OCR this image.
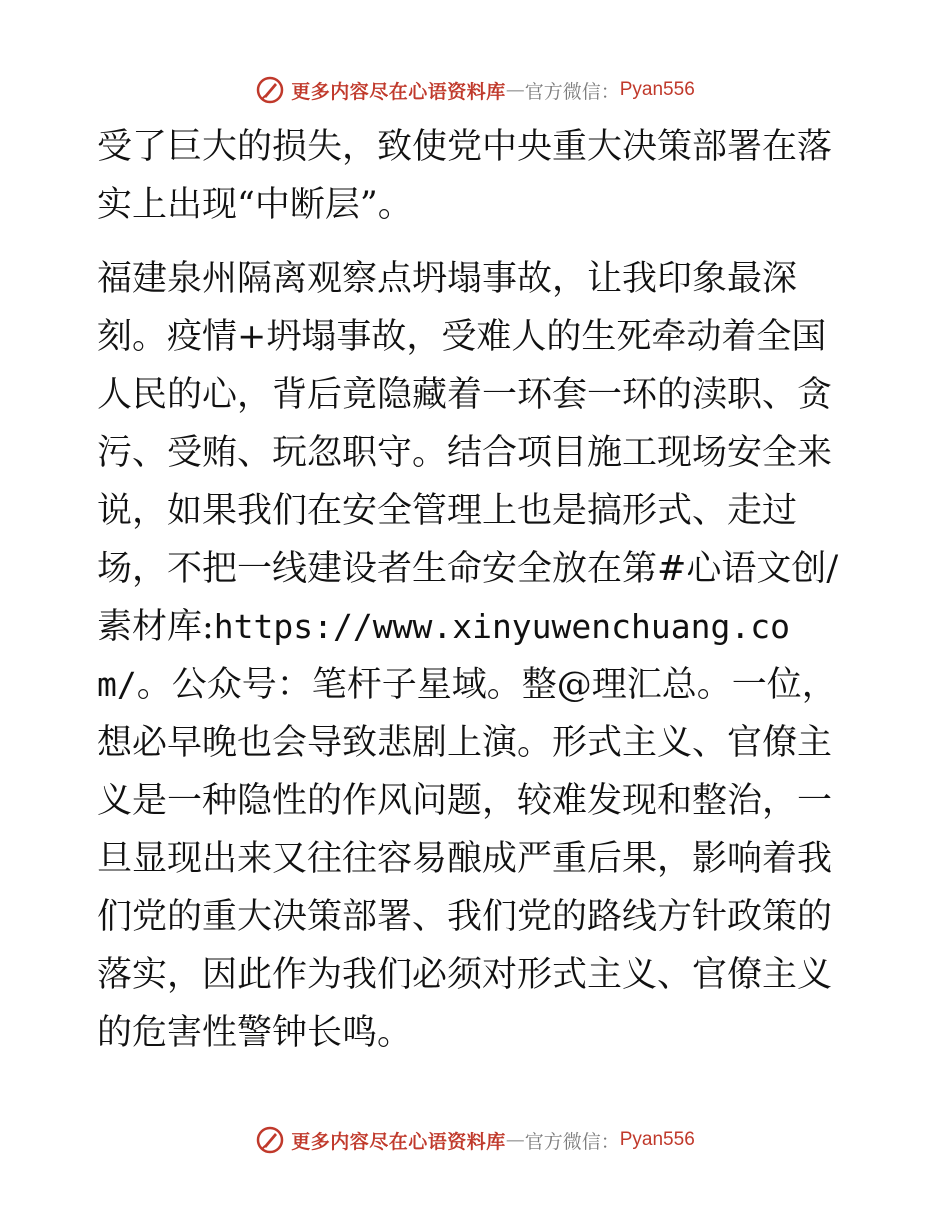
更多内容尽在心语资料库 — 官方微信： Pyan556

受了巨大的损失，致使党中央重大决策部署在落实上出现“中断层”。

福建泉州隔离观察点坍塌事故，让我印象最深刻。疫情+坍塌事故，受难人的生死牵动着全国人民的心，背后竟隐藏着一环套一环的渎职、贪污、受贿、玩忽职守。结合项目施工现场安全来说，如果我们在安全管理上也是搞形式、走过场，不把一线建设者生命安全放在第#心语文创/素材库:https://www.xinyuwenchuang.com/。公众号：笔杆子星域。整@理汇总。一位，想必早晚也会导致悲剧上演。形式主义、官僚主义是一种隐性的作风问题，较难发现和整治，一旦显现出来又往往容易酿成严重后果，影响着我们党的重大决策部署、我们党的路线方针政策的落实，因此作为我们必须对形式主义、官僚主义的危害性警钟长鸣。

更多内容尽在心语资料库 — 官方微信： Pyan556
